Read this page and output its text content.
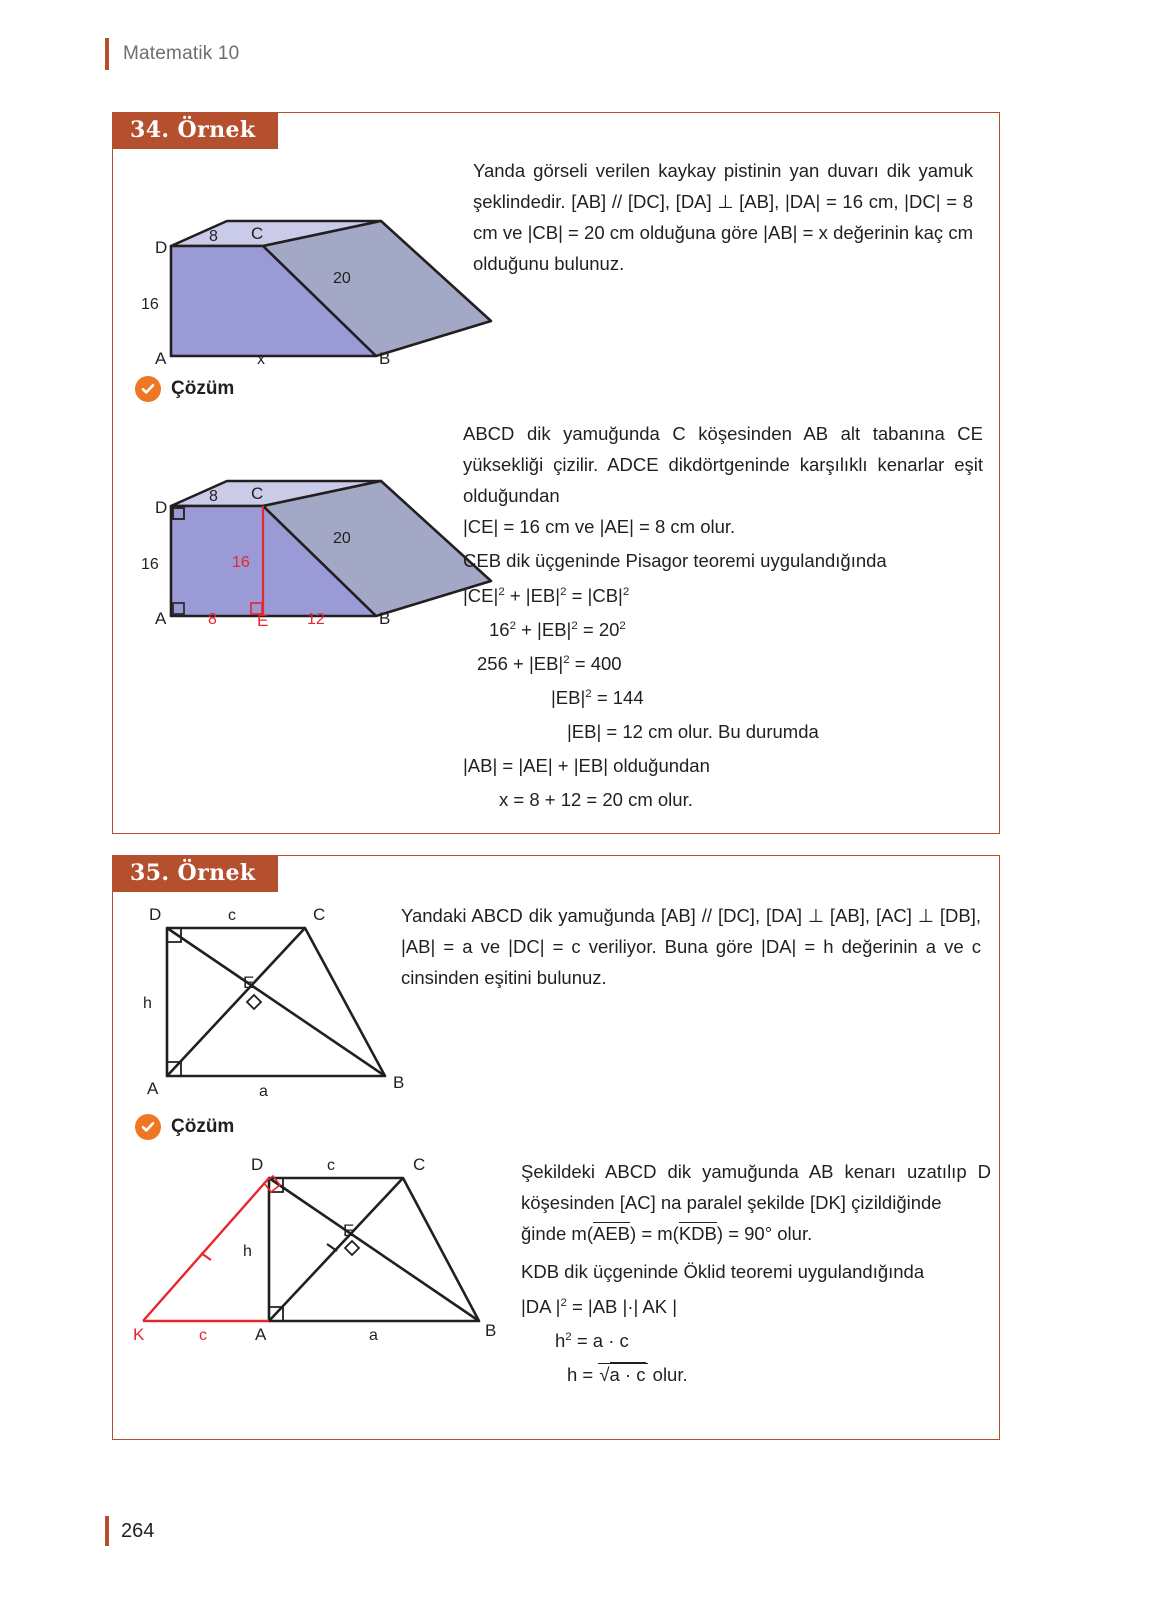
Matematik 10
34. Örnek
D
C
A	B
8
16
20
x
Yanda görseli verilen kaykay pistinin yan duvarı dik yamuk şeklindedir. [AB] // [DC], [DA] ⊥ [AB], |DA| = 16 cm, |DC| = 8 cm ve |CB| = 20 cm olduğuna göre |AB| = x değerinin kaç cm olduğunu bulunuz.
Çözüm
D
C
A	E	B
8
16	16
20
8	12
ABCD dik yamuğunda C köşesinden AB alt tabanına CE yüksekliği çizilir. ADCE dikdörtgeninde karşılıklı kenarlar eşit olduğundan
|CE| = 16 cm ve |AE| = 8 cm olur.
CEB dik üçgeninde Pisagor teoremi uygulandığında
$|CE|^2 + |EB|^2 = |CB|^2$
$16^2 + |EB|^2 = 20^2$
$256 + |EB|^2 = 400$
$|EB|^2 = 144$
|EB| = 12 cm olur. Bu durumda
|AB| = |AE| + |EB| olduğundan
x = 8 + 12 = 20 cm olur.
35. Örnek
D	C
A	B
E
c
h
a
Yandaki ABCD dik yamuğunda [AB] // [DC], [DA] ⊥ [AB], [AC] ⊥ [DB], |AB| = a ve |DC| = c veriliyor. Buna göre |DA| = h değerinin a ve c cinsinden eşitini bulunuz.
Çözüm
D	C
A	B
E
K
c
h
a
c
Şekildeki ABCD dik yamuğunda AB kenarı uzatılıp D köşesinden [AC] na paralel şekilde [DK] çizildiğinde
ğinde m(AEB) = m(KDB) = 90° olur.
KDB dik üçgeninde Öklid teoremi uygulandığında
|DA $|^2 = |AB$ |·| AK |
$h^2 = a \cdot c$
h = √a · c olur.
264
